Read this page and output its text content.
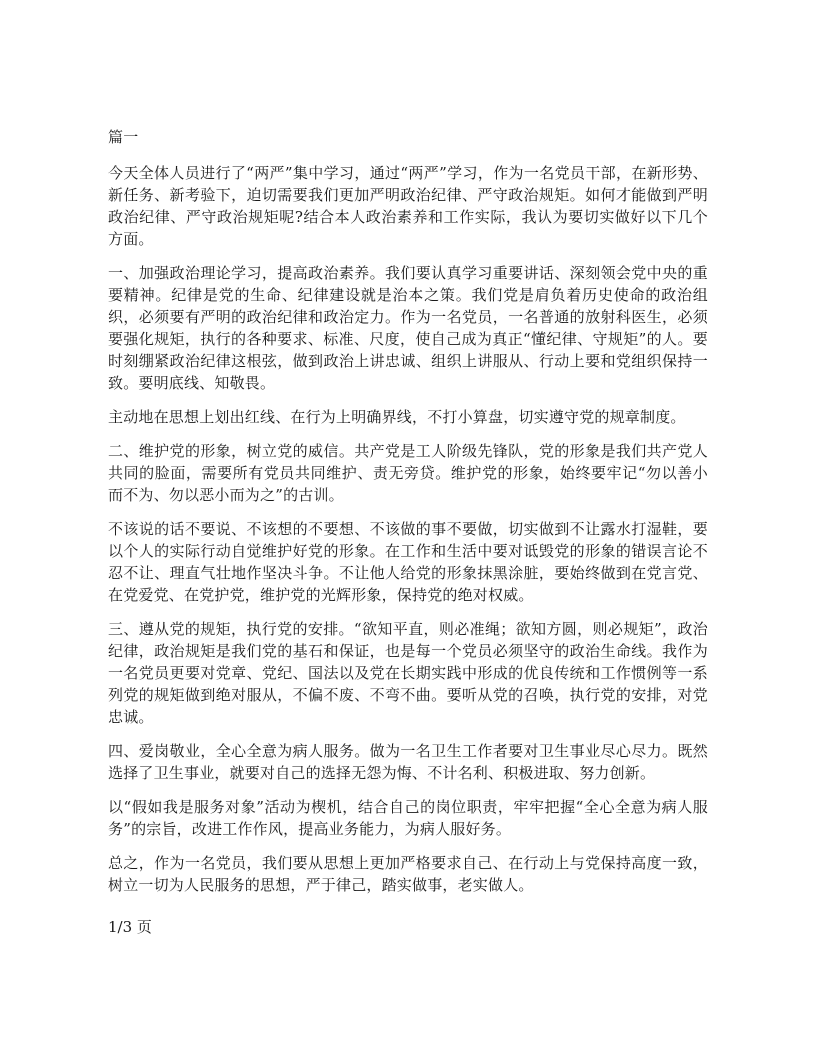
篇一

今天全体人员进行了“两严”集中学习，通过“两严”学习，作为一名党员干部，在新形势、新任务、新考验下，迫切需要我们更加严明政治纪律、严守政治规矩。如何才能做到严明政治纪律、严守政治规矩呢?结合本人政治素养和工作实际，我认为要切实做好以下几个方面。

一、加强政治理论学习，提高政治素养。我们要认真学习重要讲话、深刻领会党中央的重要精神。纪律是党的生命、纪律建设就是治本之策。我们党是肩负着历史使命的政治组织，必须要有严明的政治纪律和政治定力。作为一名党员，一名普通的放射科医生，必须要强化规矩，执行的各种要求、标准、尺度，使自己成为真正“懂纪律、守规矩”的人。要时刻绷紧政治纪律这根弦，做到政治上讲忠诚、组织上讲服从、行动上要和党组织保持一致。要明底线、知敬畏。

主动地在思想上划出红线、在行为上明确界线，不打小算盘，切实遵守党的规章制度。

二、维护党的形象，树立党的威信。共产党是工人阶级先锋队，党的形象是我们共产党人共同的脸面，需要所有党员共同维护、责无旁贷。维护党的形象，始终要牢记“勿以善小而不为、勿以恶小而为之”的古训。

不该说的话不要说、不该想的不要想、不该做的事不要做，切实做到不让露水打湿鞋，要以个人的实际行动自觉维护好党的形象。在工作和生活中要对诋毁党的形象的错误言论不忍不让、理直气壮地作坚决斗争。不让他人给党的形象抹黑涂脏，要始终做到在党言党、在党爱党、在党护党，维护党的光辉形象，保持党的绝对权威。

三、遵从党的规矩，执行党的安排。“欲知平直，则必准绳；欲知方圆，则必规矩”，政治纪律，政治规矩是我们党的基石和保证，也是每一个党员必须坚守的政治生命线。我作为一名党员更要对党章、党纪、国法以及党在长期实践中形成的优良传统和工作惯例等一系列党的规矩做到绝对服从，不偏不废、不弯不曲。要听从党的召唤，执行党的安排，对党忠诚。

四、爱岗敬业，全心全意为病人服务。做为一名卫生工作者要对卫生事业尽心尽力。既然选择了卫生事业，就要对自己的选择无怨为悔、不计名利、积极进取、努力创新。

以“假如我是服务对象”活动为楔机，结合自己的岗位职责，牢牢把握“全心全意为病人服务”的宗旨，改进工作作风，提高业务能力，为病人服好务。

总之，作为一名党员，我们要从思想上更加严格要求自己、在行动上与党保持高度一致，树立一切为人民服务的思想，严于律己，踏实做事，老实做人。

1/3 页
